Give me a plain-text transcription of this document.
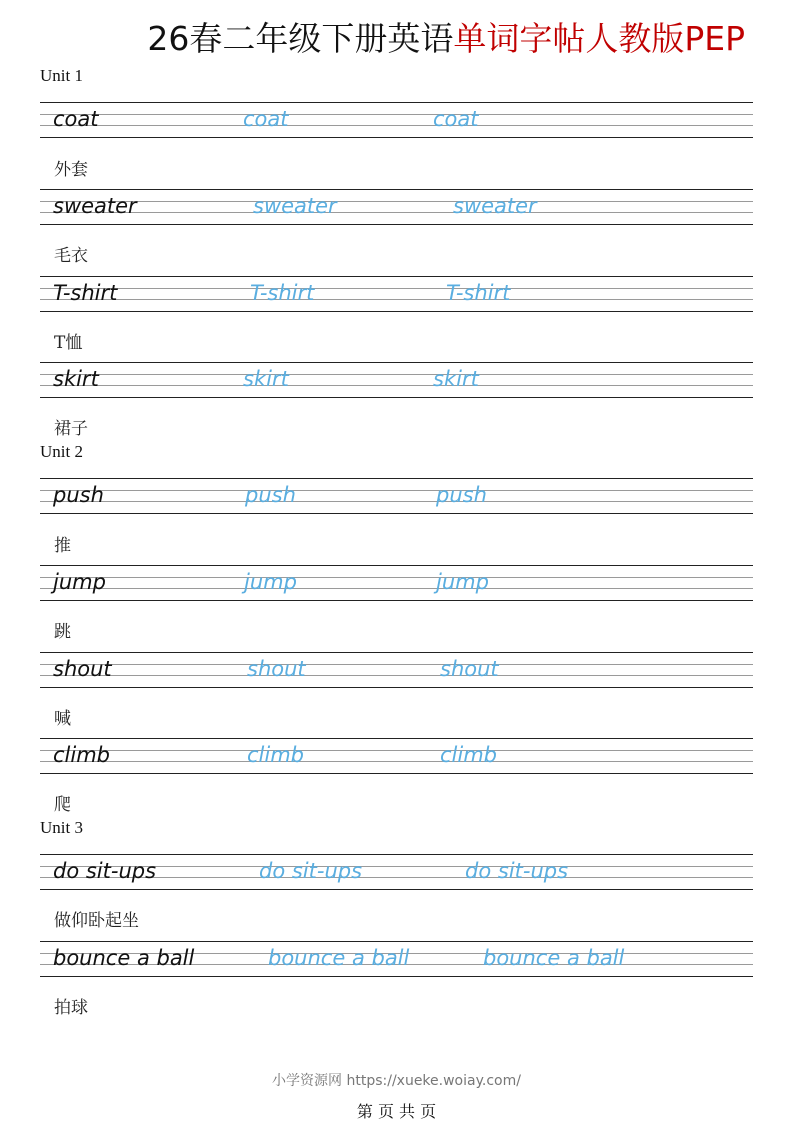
26春二年级下册英语单词字帖人教版PEP
Unit 1
coat	coat	coat
外套
sweater	sweater	sweater
毛衣
T-shirt	T-shirt	T-shirt
T恤
skirt	skirt	skirt
裙子
Unit 2
push	push	push
推
jump	jump	jump
跳
shout	shout	shout
喊
climb	climb	climb
爬
Unit 3
do sit-ups	do sit-ups	do sit-ups
做仰卧起坐
bounce a ball	bounce a ball	bounce a ball
拍球
小学资源网 https://xueke.woiay.com/
第 页 共 页
